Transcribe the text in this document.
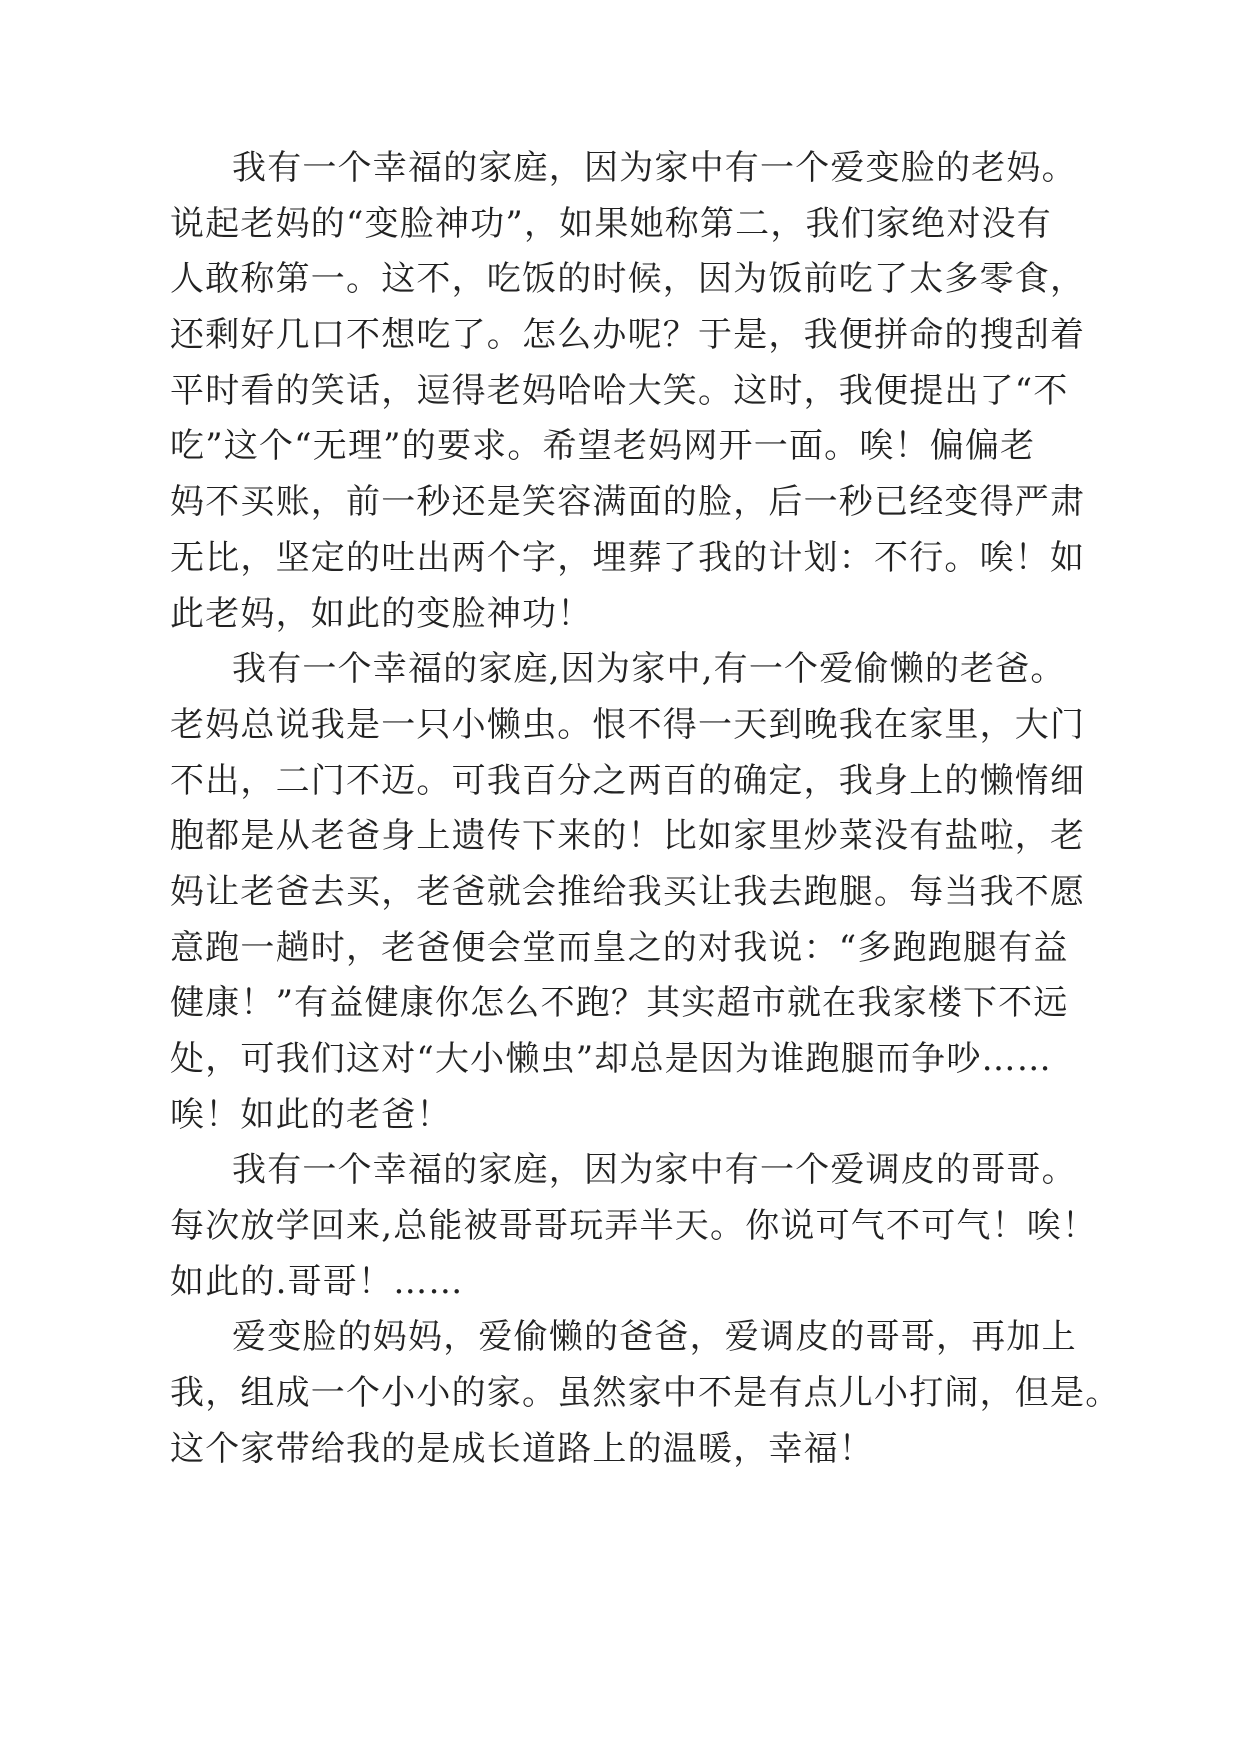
我有一个幸福的家庭，因为家中有一个爱变脸的老妈。
说起老妈的“变脸神功”，如果她称第二，我们家绝对没有
人敢称第一。这不，吃饭的时候，因为饭前吃了太多零食，
还剩好几口不想吃了。怎么办呢？于是，我便拼命的搜刮着
平时看的笑话，逗得老妈哈哈大笑。这时，我便提出了“不
吃”这个“无理”的要求。希望老妈网开一面。唉！偏偏老
妈不买账，前一秒还是笑容满面的脸，后一秒已经变得严肃
无比，坚定的吐出两个字，埋葬了我的计划：不行。唉！如
此老妈，如此的变脸神功！
我有一个幸福的家庭,因为家中,有一个爱偷懒的老爸。
老妈总说我是一只小懒虫。恨不得一天到晚我在家里，大门
不出，二门不迈。可我百分之两百的确定，我身上的懒惰细
胞都是从老爸身上遗传下来的！比如家里炒菜没有盐啦，老
妈让老爸去买，老爸就会推给我买让我去跑腿。每当我不愿
意跑一趟时，老爸便会堂而皇之的对我说：“多跑跑腿有益
健康！”有益健康你怎么不跑？其实超市就在我家楼下不远
处，可我们这对“大小懒虫”却总是因为谁跑腿而争吵……
唉！如此的老爸！
我有一个幸福的家庭，因为家中有一个爱调皮的哥哥。
每次放学回来,总能被哥哥玩弄半天。你说可气不可气！唉！
如此的.哥哥！……
爱变脸的妈妈，爱偷懒的爸爸，爱调皮的哥哥，再加上
我，组成一个小小的家。虽然家中不是有点儿小打闹，但是。
这个家带给我的是成长道路上的温暖，幸福！
